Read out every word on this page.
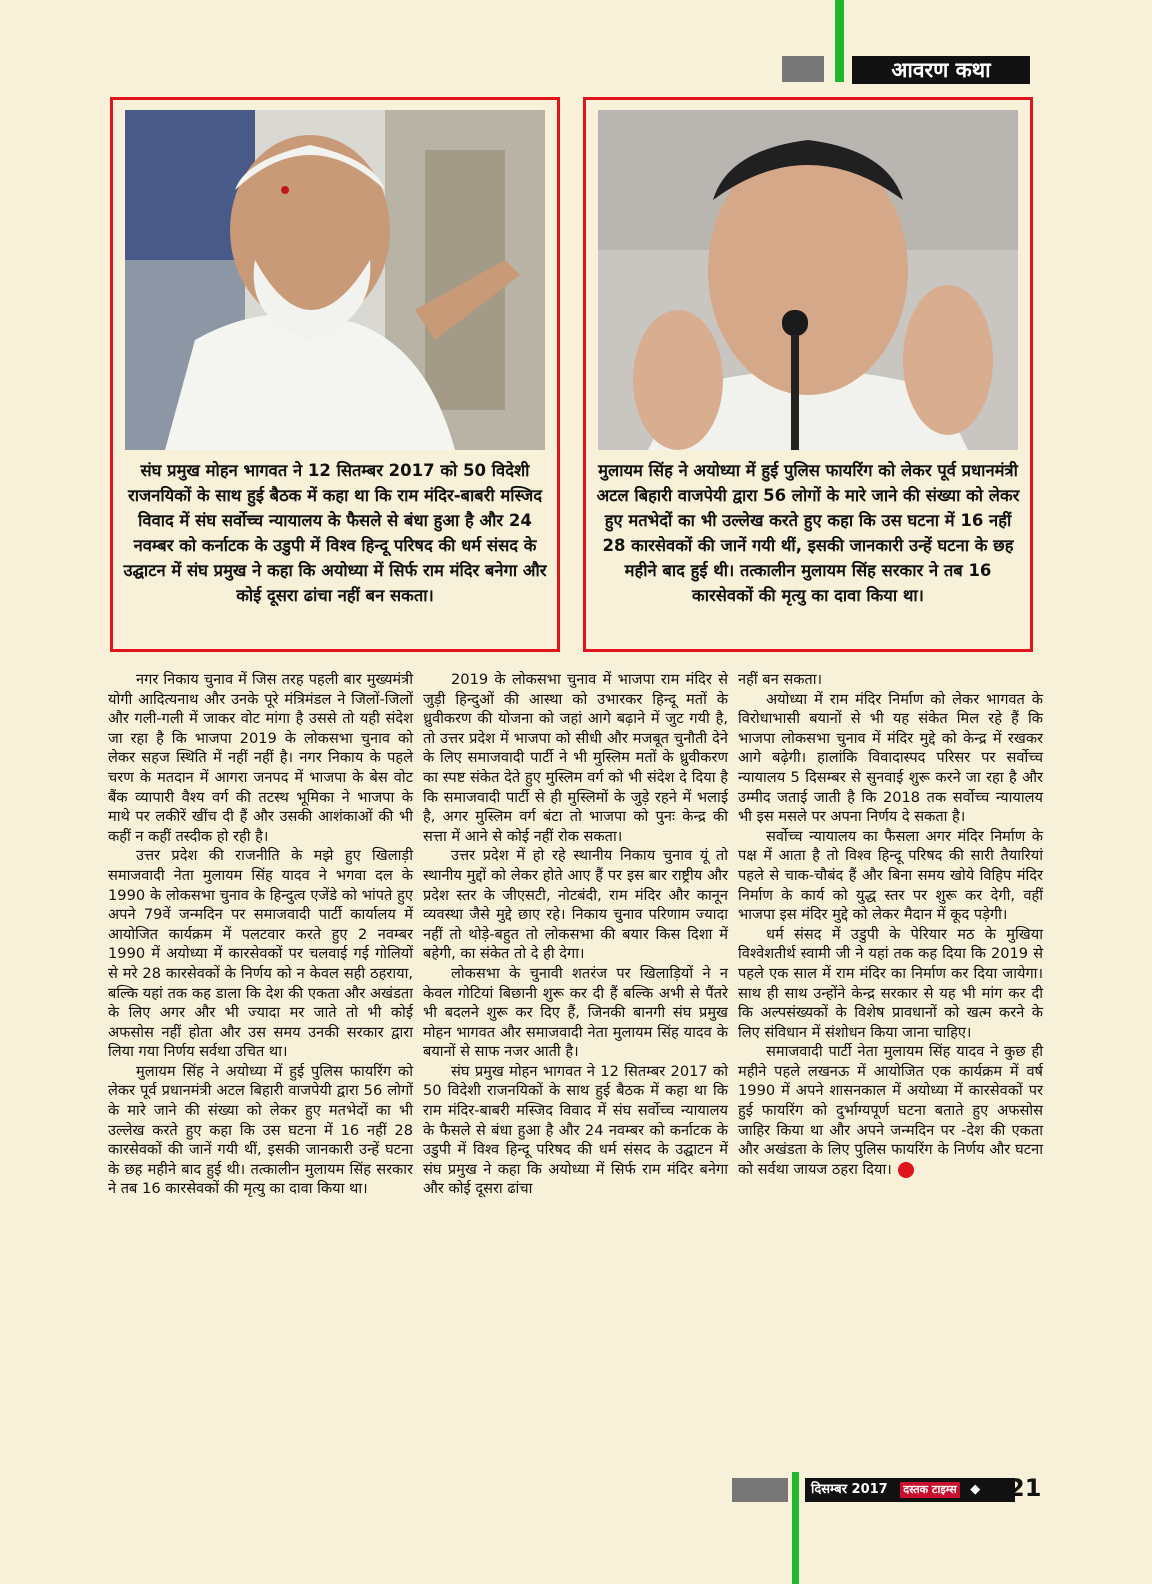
आवरण कथा
संघ प्रमुख मोहन भागवत ने 12 सितम्बर 2017 को 50 विदेशी राजनयिकों के साथ हुई बैठक में कहा था कि राम मंदिर-बाबरी मस्जिद विवाद में संघ सर्वोच्च न्यायालय के फैसले से बंधा हुआ है और 24 नवम्बर को कर्नाटक के उडुपी में विश्व हिन्दू परिषद की धर्म संसद के उद्घाटन में संघ प्रमुख ने कहा कि अयोध्या में सिर्फ राम मंदिर बनेगा और कोई दूसरा ढांचा नहीं बन सकता।
मुलायम सिंह ने अयोध्या में हुई पुलिस फायरिंग को लेकर पूर्व प्रधानमंत्री अटल बिहारी वाजपेयी द्वारा 56 लोगों के मारे जाने की संख्या को लेकर हुए मतभेदों का भी उल्लेख करते हुए कहा कि उस घटना में 16 नहीं 28 कारसेवकों की जानें गयी थीं, इसकी जानकारी उन्हें घटना के छह महीने बाद हुई थी। तत्कालीन मुलायम सिंह सरकार ने तब 16 कारसेवकों की मृत्यु का दावा किया था।

नगर निकाय चुनाव में जिस तरह पहली बार मुख्यमंत्री योगी आदित्यनाथ और उनके पूरे मंत्रिमंडल ने जिलों-जिलों और गली-गली में जाकर वोट मांगा है उससे तो यही संदेश जा रहा है कि भाजपा 2019 के लोकसभा चुनाव को लेकर सहज स्थिति में नहीं नहीं है। नगर निकाय के पहले चरण के मतदान में आगरा जनपद में भाजपा के बेस वोट बैंक व्यापारी वैश्य वर्ग की तटस्थ भूमिका ने भाजपा के माथे पर लकीरें खींच दी हैं और उसकी आशंकाओं की भी कहीं न कहीं तस्दीक हो रही है।

उत्तर प्रदेश की राजनीति के मझे हुए खिलाड़ी समाजवादी नेता मुलायम सिंह यादव ने भगवा दल के 1990 के लोकसभा चुनाव के हिन्दुत्व एजेंडे को भांपते हुए अपने 79वें जन्मदिन पर समाजवादी पार्टी कार्यालय में आयोजित कार्यक्रम में पलटवार करते हुए 2 नवम्बर 1990 में अयोध्या में कारसेवकों पर चलवाई गई गोलियों से मरे 28 कारसेवकों के निर्णय को न केवल सही ठहराया, बल्कि यहां तक कह डाला कि देश की एकता और अखंडता के लिए अगर और भी ज्यादा मर जाते तो भी कोई अफसोस नहीं होता और उस समय उनकी सरकार द्वारा लिया गया निर्णय सर्वथा उचित था।

मुलायम सिंह ने अयोध्या में हुई पुलिस फायरिंग को लेकर पूर्व प्रधानमंत्री अटल बिहारी वाजपेयी द्वारा 56 लोगों के मारे जाने की संख्या को लेकर हुए मतभेदों का भी उल्लेख करते हुए कहा कि उस घटना में 16 नहीं 28 कारसेवकों की जानें गयी थीं, इसकी जानकारी उन्हें घटना के छह महीने बाद हुई थी। तत्कालीन मुलायम सिंह सरकार ने तब 16 कारसेवकों की मृत्यु का दावा किया था।

2019 के लोकसभा चुनाव में भाजपा राम मंदिर से जुड़ी हिन्दुओं की आस्था को उभारकर हिन्दू मतों के ध्रुवीकरण की योजना को जहां आगे बढ़ाने में जुट गयी है, तो उत्तर प्रदेश में भाजपा को सीधी और मजबूत चुनौती देने के लिए समाजवादी पार्टी ने भी मुस्लिम मतों के ध्रुवीकरण का स्पष्ट संकेत देते हुए मुस्लिम वर्ग को भी संदेश दे दिया है कि समाजवादी पार्टी से ही मुस्लिमों के जुड़े रहने में भलाई है, अगर मुस्लिम वर्ग बंटा तो भाजपा को पुनः केन्द्र की सत्ता में आने से कोई नहीं रोक सकता।

उत्तर प्रदेश में हो रहे स्थानीय निकाय चुनाव यूं तो स्थानीय मुद्दों को लेकर होते आए हैं पर इस बार राष्ट्रीय और प्रदेश स्तर के जीएसटी, नोटबंदी, राम मंदिर और कानून व्यवस्था जैसे मुद्दे छाए रहे। निकाय चुनाव परिणाम ज्यादा नहीं तो थोड़े-बहुत तो लोकसभा की बयार किस दिशा में बहेगी, का संकेत तो दे ही देगा।

लोकसभा के चुनावी शतरंज पर खिलाड़ियों ने न केवल गोटियां बिछानी शुरू कर दी हैं बल्कि अभी से पैंतरे भी बदलने शुरू कर दिए हैं, जिनकी बानगी संघ प्रमुख मोहन भागवत और समाजवादी नेता मुलायम सिंह यादव के बयानों से साफ नजर आती है।

संघ प्रमुख मोहन भागवत ने 12 सितम्बर 2017 को 50 विदेशी राजनयिकों के साथ हुई बैठक में कहा था कि राम मंदिर-बाबरी मस्जिद विवाद में संघ सर्वोच्च न्यायालय के फैसले से बंधा हुआ है और 24 नवम्बर को कर्नाटक के उडुपी में विश्व हिन्दू परिषद की धर्म संसद के उद्घाटन में संघ प्रमुख ने कहा कि अयोध्या में सिर्फ राम मंदिर बनेगा और कोई दूसरा ढांचा

नहीं बन सकता।

अयोध्या में राम मंदिर निर्माण को लेकर भागवत के विरोधाभासी बयानों से भी यह संकेत मिल रहे हैं कि भाजपा लोकसभा चुनाव में मंदिर मुद्दे को केन्द्र में रखकर आगे बढ़ेगी। हालांकि विवादास्पद परिसर पर सर्वोच्च न्यायालय 5 दिसम्बर से सुनवाई शुरू करने जा रहा है और उम्मीद जताई जाती है कि 2018 तक सर्वोच्च न्यायालय भी इस मसले पर अपना निर्णय दे सकता है।

सर्वोच्च न्यायालय का फैसला अगर मंदिर निर्माण के पक्ष में आता है तो विश्व हिन्दू परिषद की सारी तैयारियां पहले से चाक-चौबंद हैं और बिना समय खोये विहिप मंदिर निर्माण के कार्य को युद्ध स्तर पर शुरू कर देगी, वहीं भाजपा इस मंदिर मुद्दे को लेकर मैदान में कूद पड़ेगी।

धर्म संसद में उडुपी के पेरियार मठ के मुखिया विश्वेशतीर्थ स्वामी जी ने यहां तक कह दिया कि 2019 से पहले एक साल में राम मंदिर का निर्माण कर दिया जायेगा। साथ ही साथ उन्होंने केन्द्र सरकार से यह भी मांग कर दी कि अल्पसंख्यकों के विशेष प्रावधानों को खत्म करने के लिए संविधान में संशोधन किया जाना चाहिए।

समाजवादी पार्टी नेता मुलायम सिंह यादव ने कुछ ही महीने पहले लखनऊ में आयोजित एक कार्यक्रम में वर्ष 1990 में अपने शासनकाल में अयोध्या में कारसेवकों पर हुई फायरिंग को दुर्भाग्यपूर्ण घटना बताते हुए अफसोस जाहिर किया था और अपने जन्मदिन पर -देश की एकता और अखंडता के लिए पुलिस फायरिंग के निर्णय और घटना को सर्वथा जायज ठहरा दिया।

दिसम्बर 2017 दस्तक टाइम्स ◆	21
